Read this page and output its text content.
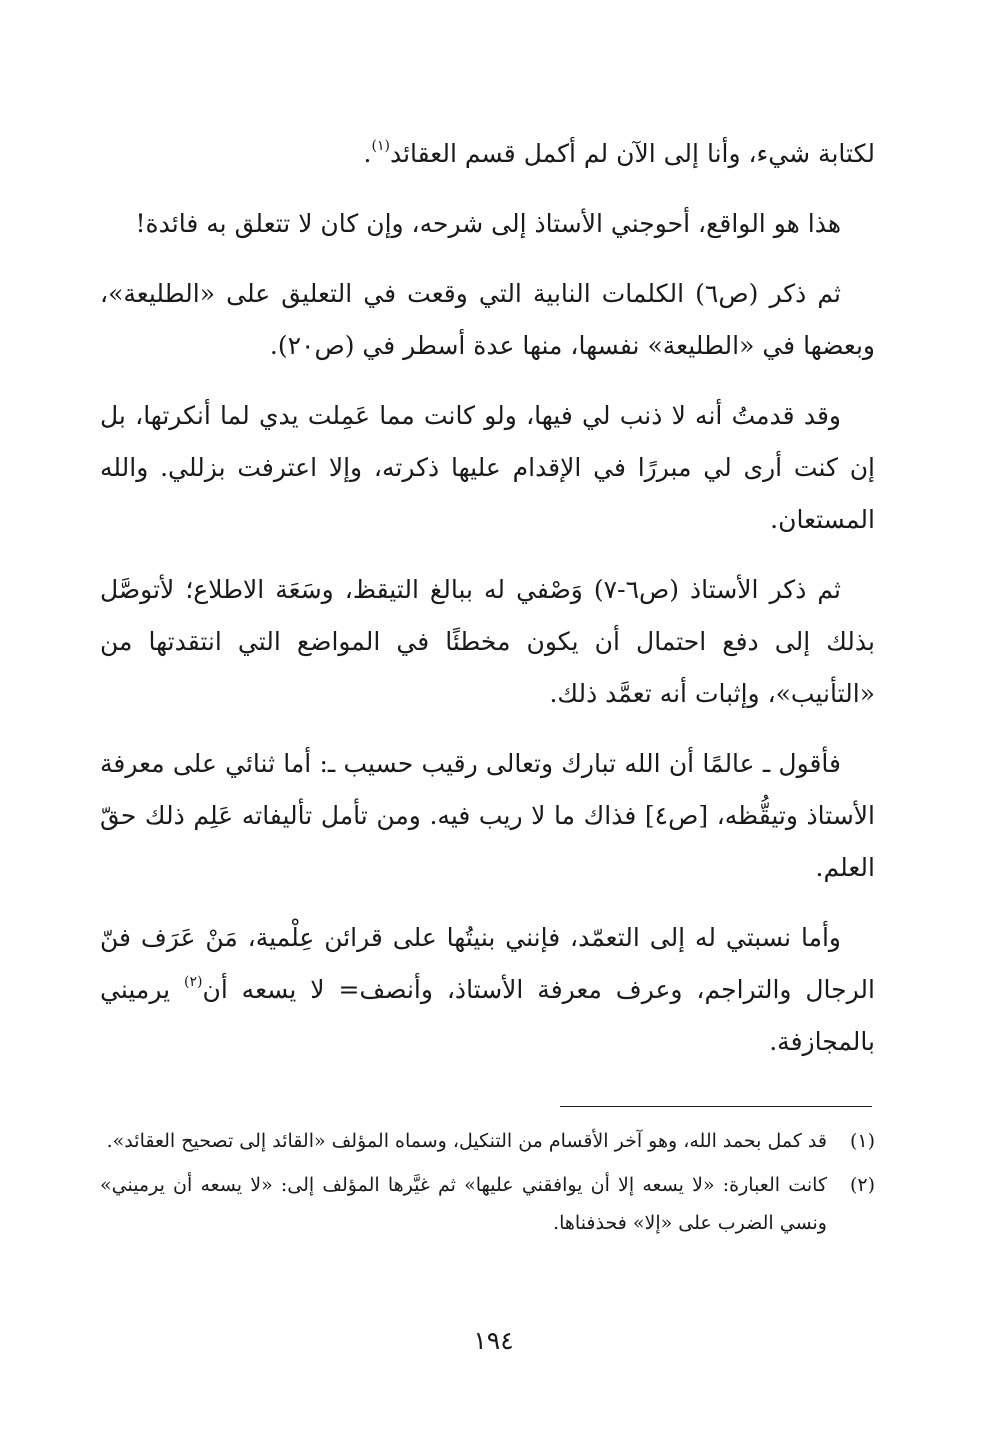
لكتابة شيء، وأنا إلى الآن لم أكمل قسم العقائد$^{(١)}$.

هذا هو الواقع، أحوجني الأستاذ إلى شرحه، وإن كان لا تتعلق به فائدة!

ثم ذكر (ص٦) الكلمات النابية التي وقعت في التعليق على «الطليعة»، وبعضها في «الطليعة» نفسها، منها عدة أسطر في (ص٢٠).

وقد قدمتُ أنه لا ذنب لي فيها، ولو كانت مما عَمِلت يدي لما أنكرتها، بل إن كنت أرى لي مبررًا في الإقدام عليها ذكرته، وإلا اعترفت بزللي. والله المستعان.

ثم ذكر الأستاذ (ص٦-٧) وَصْفي له ببالغ التيقظ، وسَعَة الاطلاع؛ لأتوصَّل بذلك إلى دفع احتمال أن يكون مخطئًا في المواضع التي انتقدتها من «التأنيب»، وإثبات أنه تعمَّد ذلك.

فأقول ـ عالمًا أن الله تبارك وتعالى رقيب حسيب ـ: أما ثنائي على معرفة الأستاذ وتيقُّظه، [ص٤] فذاك ما لا ريب فيه. ومن تأمل تأليفاته عَلِم ذلك حقّ العلم.

وأما نسبتي له إلى التعمّد، فإنني بنيتُها على قرائن عِلْمية، مَنْ عَرَف فنّ الرجال والتراجم، وعرف معرفة الأستاذ، وأنصف= لا يسعه أن$^{(٢)}$ يرميني بالمجازفة.

(١)
قد كمل بحمد الله، وهو آخر الأقسام من التنكيل، وسماه المؤلف «القائد إلى تصحيح العقائد».

(٢)
كانت العبارة: «لا يسعه إلا أن يوافقني عليها» ثم غيَّرها المؤلف إلى: «لا يسعه أن يرميني» ونسي الضرب على «إلا» فحذفناها.

١٩٤
